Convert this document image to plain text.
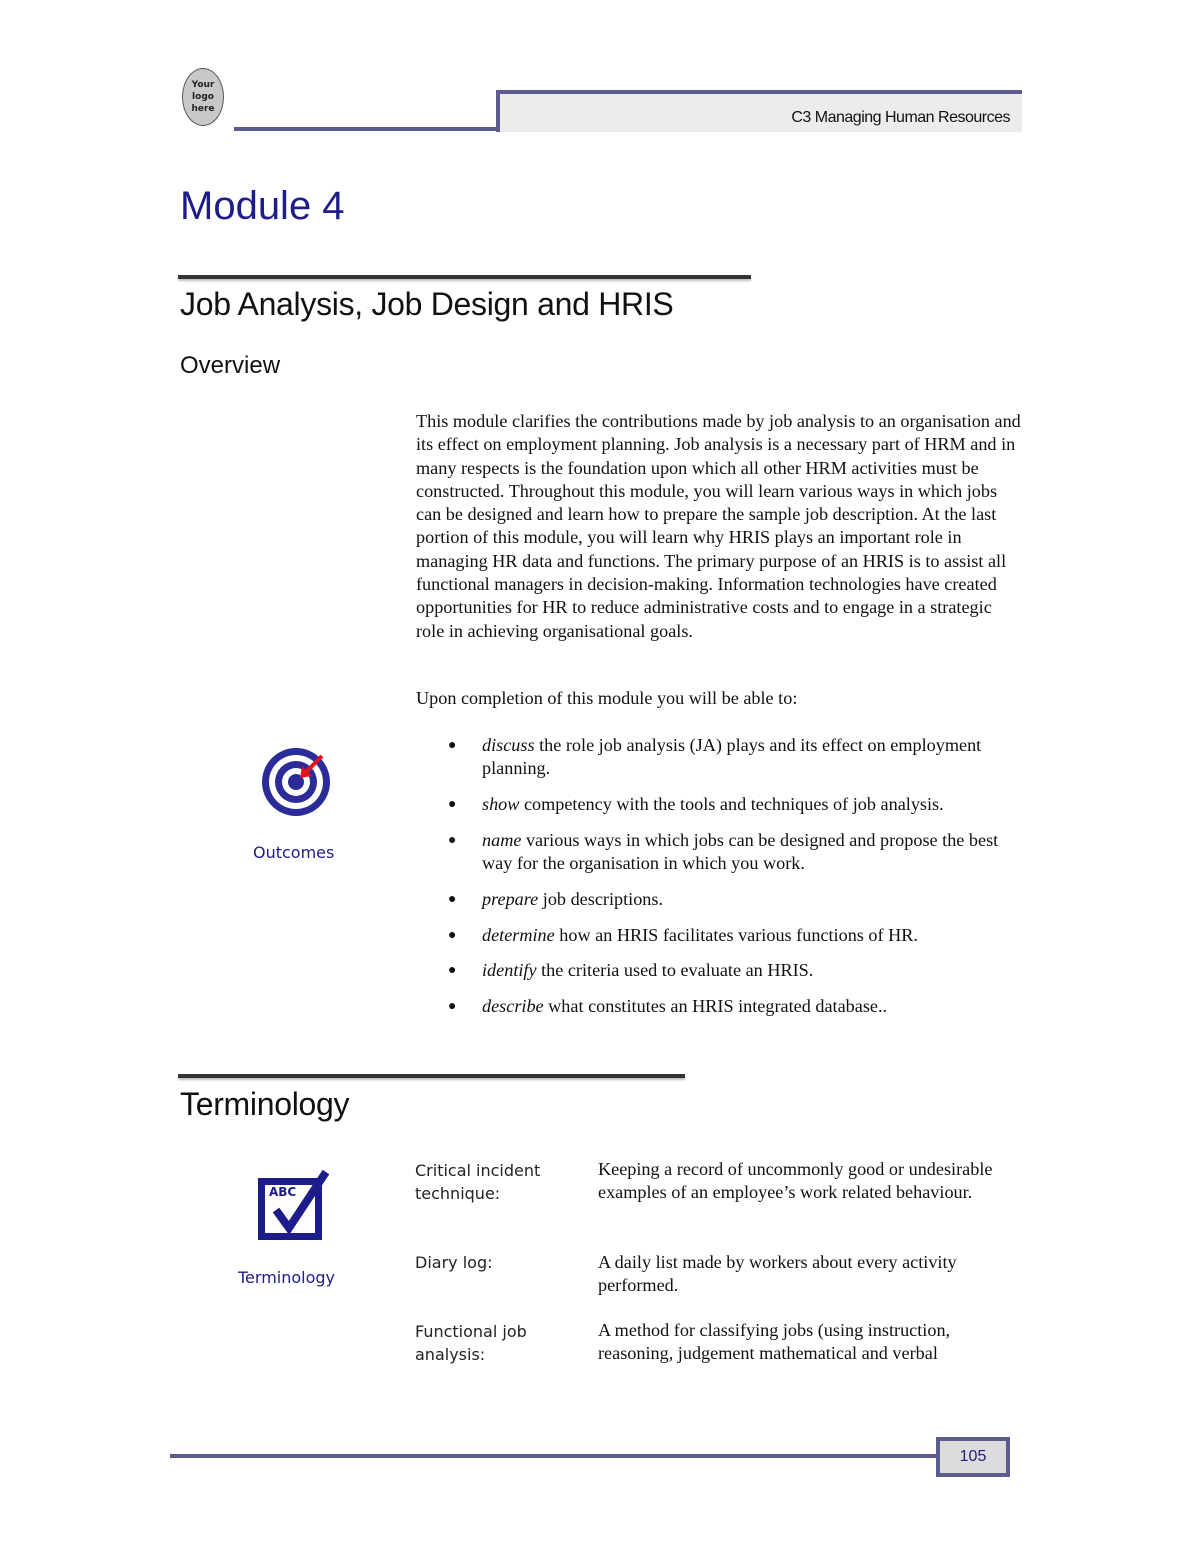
Your
logo
here	C3 Managing Human Resources
Module 4
Job Analysis, Job Design and HRIS
Overview
This module clarifies the contributions made by job analysis to an organisation and its effect on employment planning. Job analysis is a necessary part of HRM and in many respects is the foundation upon which all other HRM activities must be constructed. Throughout this module, you will learn various ways in which jobs can be designed and learn how to prepare the sample job description. At the last portion of this module, you will learn why HRIS plays an important role in managing HR data and functions. The primary purpose of an HRIS is to assist all functional managers in decision-making. Information technologies have created opportunities for HR to reduce administrative costs and to engage in a strategic role in achieving organisational goals.
Upon completion of this module you will be able to:
Outcomes
● discuss the role job analysis (JA) plays and its effect on employment planning.
● show competency with the tools and techniques of job analysis.
● name various ways in which jobs can be designed and propose the best way for the organisation in which you work.
● prepare job descriptions.
● determine how an HRIS facilitates various functions of HR.
● identify the criteria used to evaluate an HRIS.
● describe what constitutes an HRIS integrated database..
Terminology
ABC
Terminology
Critical incident technique:
Keeping a record of uncommonly good or undesirable examples of an employee’s work related behaviour.
Diary log:	A daily list made by workers about every activity performed.
Functional job analysis:
A method for classifying jobs (using instruction, reasoning, judgement mathematical and verbal
105
